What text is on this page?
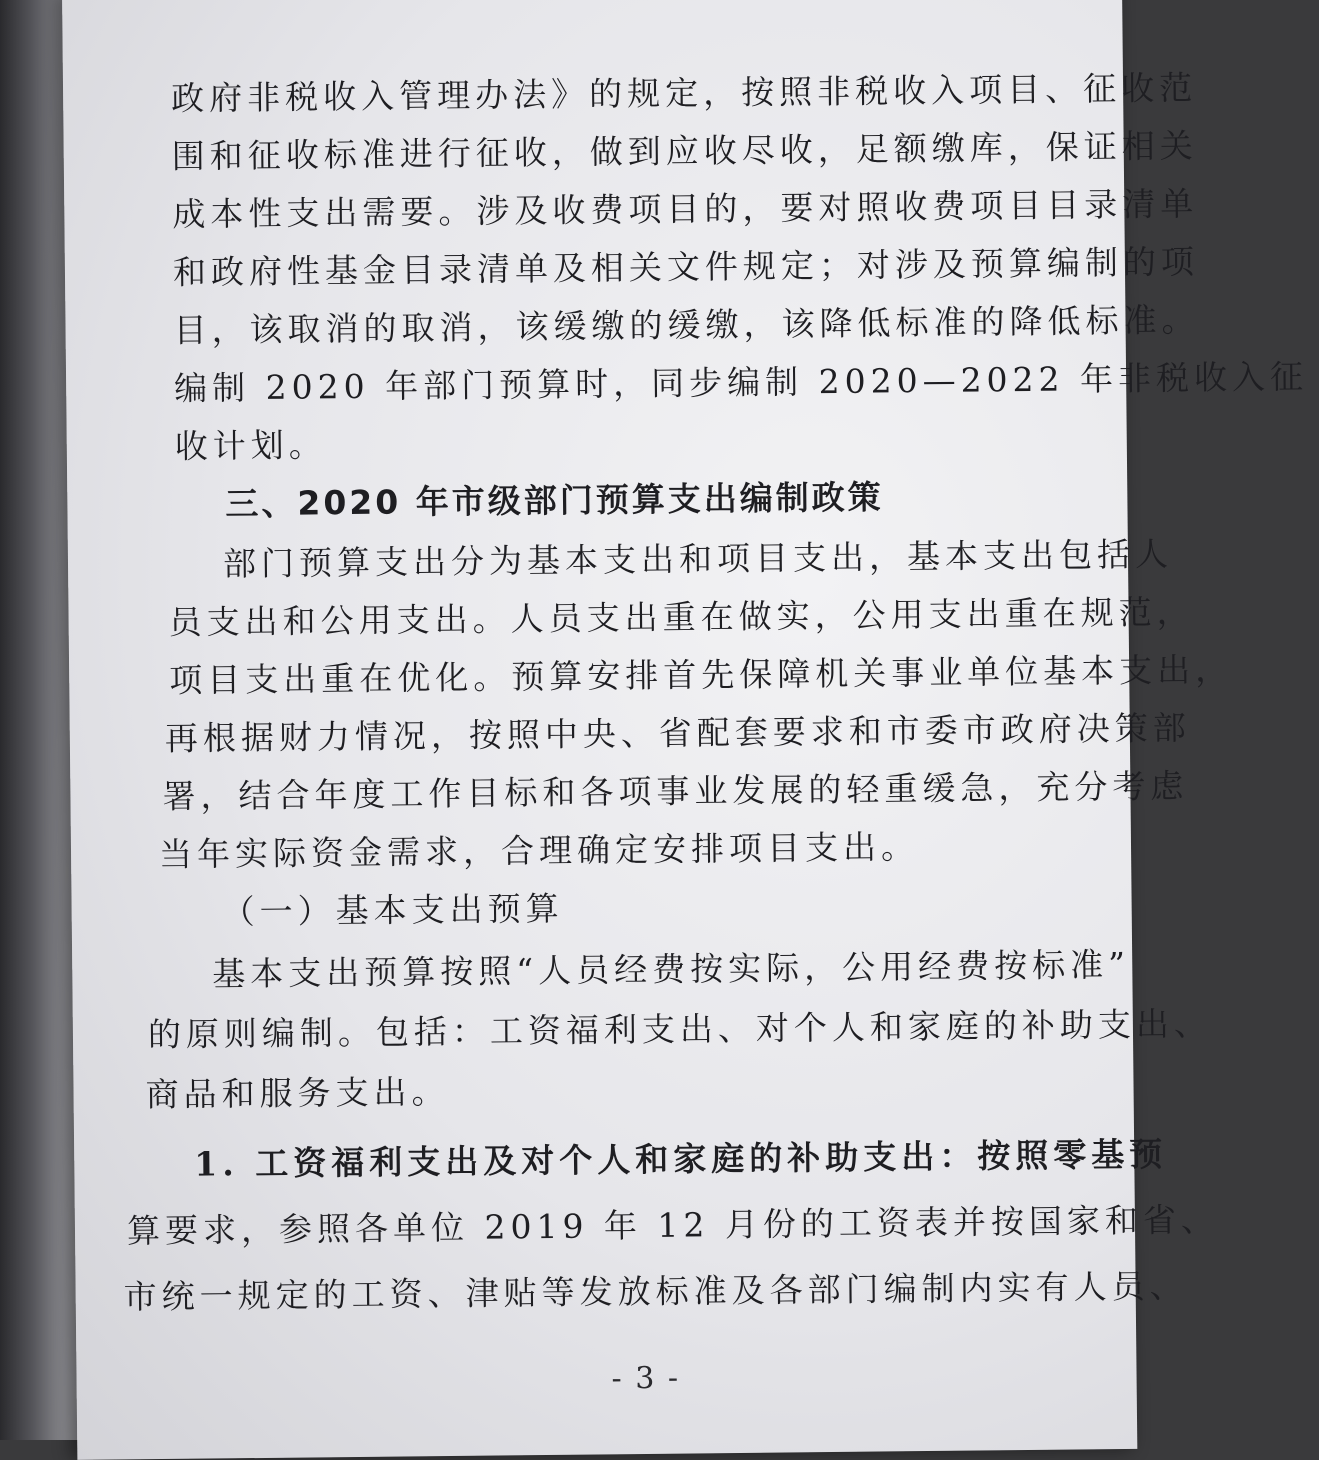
政府非税收入管理办法》的规定，按照非税收入项目、征收范
围和征收标准进行征收，做到应收尽收，足额缴库，保证相关
成本性支出需要。涉及收费项目的，要对照收费项目目录清单
和政府性基金目录清单及相关文件规定；对涉及预算编制的项
目，该取消的取消，该缓缴的缓缴，该降低标准的降低标准。
编制 2020 年部门预算时，同步编制 2020—2022 年非税收入征
收计划。
三、2020 年市级部门预算支出编制政策
部门预算支出分为基本支出和项目支出，基本支出包括人
员支出和公用支出。人员支出重在做实，公用支出重在规范，
项目支出重在优化。预算安排首先保障机关事业单位基本支出，
再根据财力情况，按照中央、省配套要求和市委市政府决策部
署，结合年度工作目标和各项事业发展的轻重缓急，充分考虑
当年实际资金需求，合理确定安排项目支出。
（一）基本支出预算
基本支出预算按照“人员经费按实际，公用经费按标准”
的原则编制。包括：工资福利支出、对个人和家庭的补助支出、
商品和服务支出。
1. 工资福利支出及对个人和家庭的补助支出：按照零基预
算要求，参照各单位 2019 年 12 月份的工资表并按国家和省、
市统一规定的工资、津贴等发放标准及各部门编制内实有人员、
- 3 -
